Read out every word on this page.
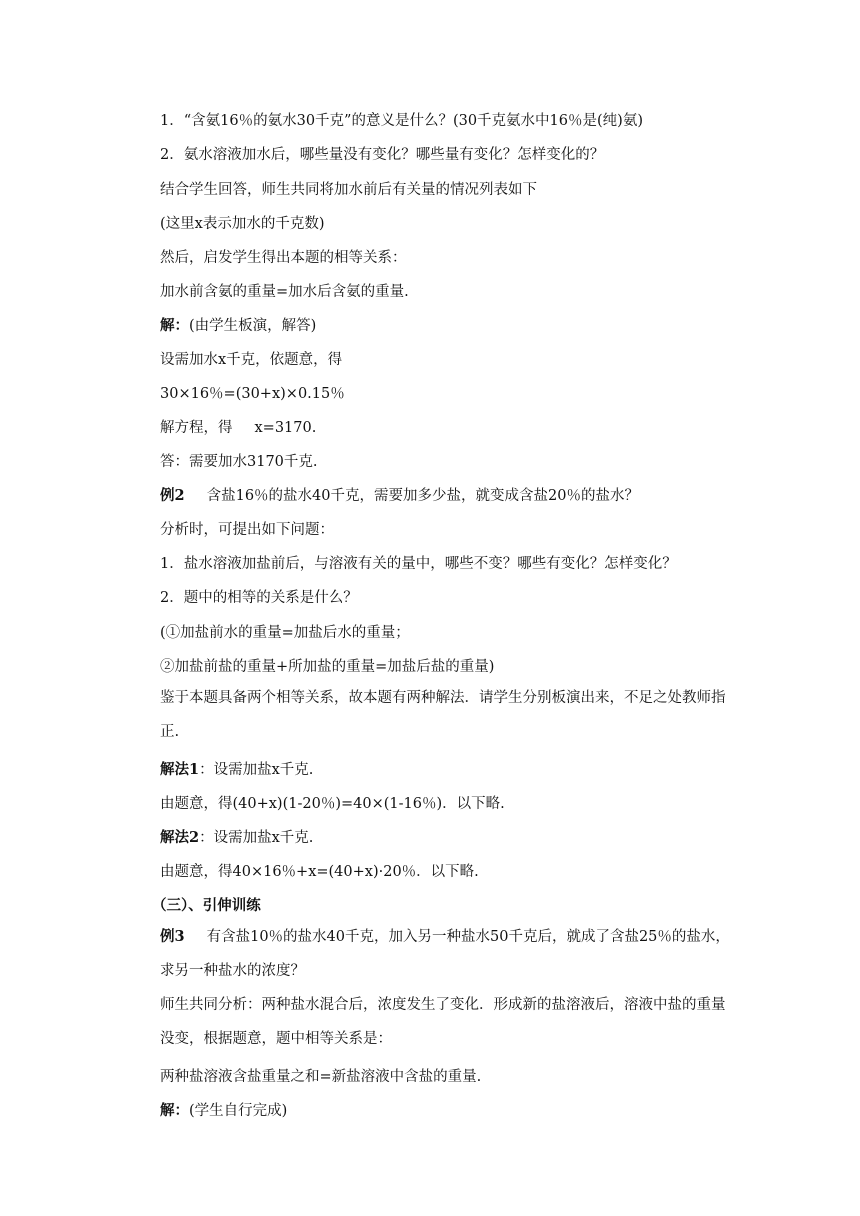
1．“含氨16％的氨水30千克”的意义是什么？(30千克氨水中16％是(纯)氨)
2．氨水溶液加水后，哪些量没有变化？哪些量有变化？怎样变化的？
结合学生回答，师生共同将加水前后有关量的情况列表如下
(这里x表示加水的千克数)
然后，启发学生得出本题的相等关系：
加水前含氨的重量=加水后含氨的重量.
解：(由学生板演，解答)
设需加水x千克，依题意，得
30×16％=(30+x)×0.15％
解方程，得 x=3170.
答：需要加水3170千克.
例2 含盐16％的盐水40千克，需要加多少盐，就变成含盐20％的盐水？
分析时，可提出如下问题：
1．盐水溶液加盐前后，与溶液有关的量中，哪些不变？哪些有变化？怎样变化？
2．题中的相等的关系是什么？
(①加盐前水的重量=加盐后水的重量；
②加盐前盐的重量+所加盐的重量=加盐后盐的重量)
鉴于本题具备两个相等关系，故本题有两种解法．请学生分别板演出来，不足之处教师指正.
解法1：设需加盐x千克.
由题意，得(40+x)(1-20％)=40×(1-16％)．以下略.
解法2：设需加盐x千克.
由题意，得40×16％+x=(40+x)·20％．以下略.
（三）、引伸训练
例3 有含盐10％的盐水40千克，加入另一种盐水50千克后，就成了含盐25％的盐水，求另一种盐水的浓度？
师生共同分析：两种盐水混合后，浓度发生了变化．形成新的盐溶液后，溶液中盐的重量没变，根据题意，题中相等关系是：
两种盐溶液含盐重量之和=新盐溶液中含盐的重量.
解：(学生自行完成)
